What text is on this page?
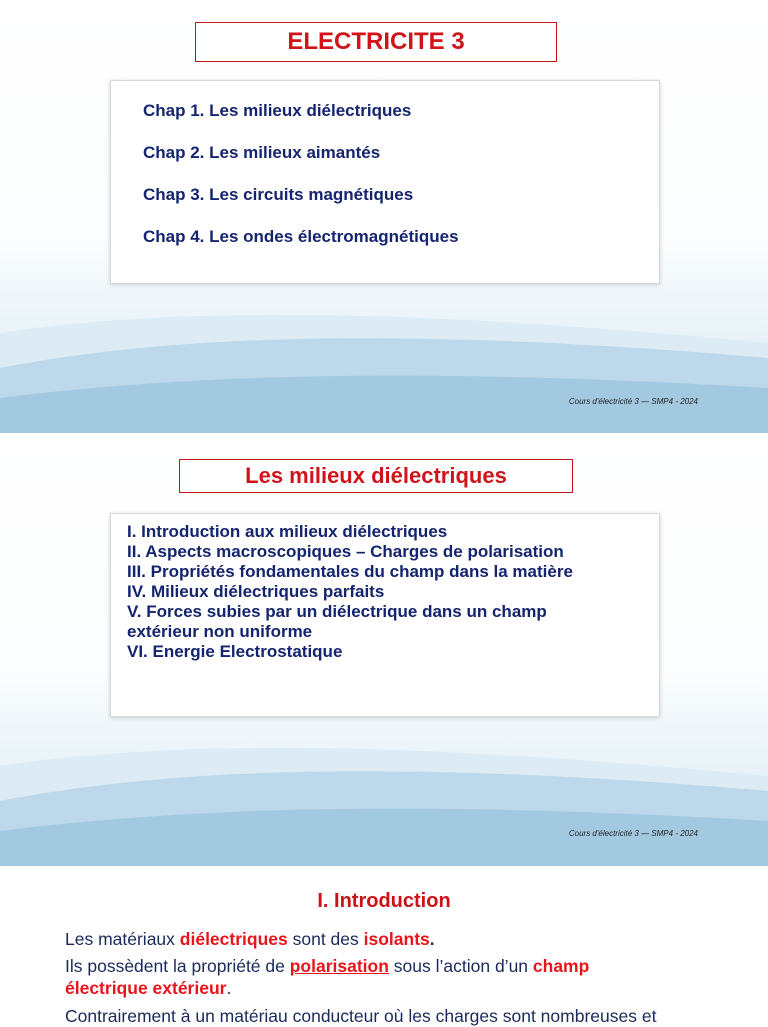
ELECTRICITE 3

Chap 1. Les milieux diélectriques

Chap 2. Les milieux aimantés

Chap 3. Les circuits magnétiques

Chap 4. Les ondes électromagnétiques

Cours d'électricité 3 — SMP4 - 2024
Les milieux diélectriques
I. Introduction aux milieux diélectriques
II. Aspects macroscopiques – Charges de polarisation
III. Propriétés fondamentales du champ dans la matière
IV. Milieux diélectriques parfaits
V. Forces subies par un diélectrique dans un champ
extérieur non uniforme
VI. Energie Electrostatique
Cours d'électricité 3 — SMP4 - 2024
I. Introduction
Les matériaux diélectriques sont des isolants.
Ils possèdent la propriété de polarisation sous l’action d’un champ
électrique extérieur.
Contrairement à un matériau conducteur où les charges sont nombreuses et
